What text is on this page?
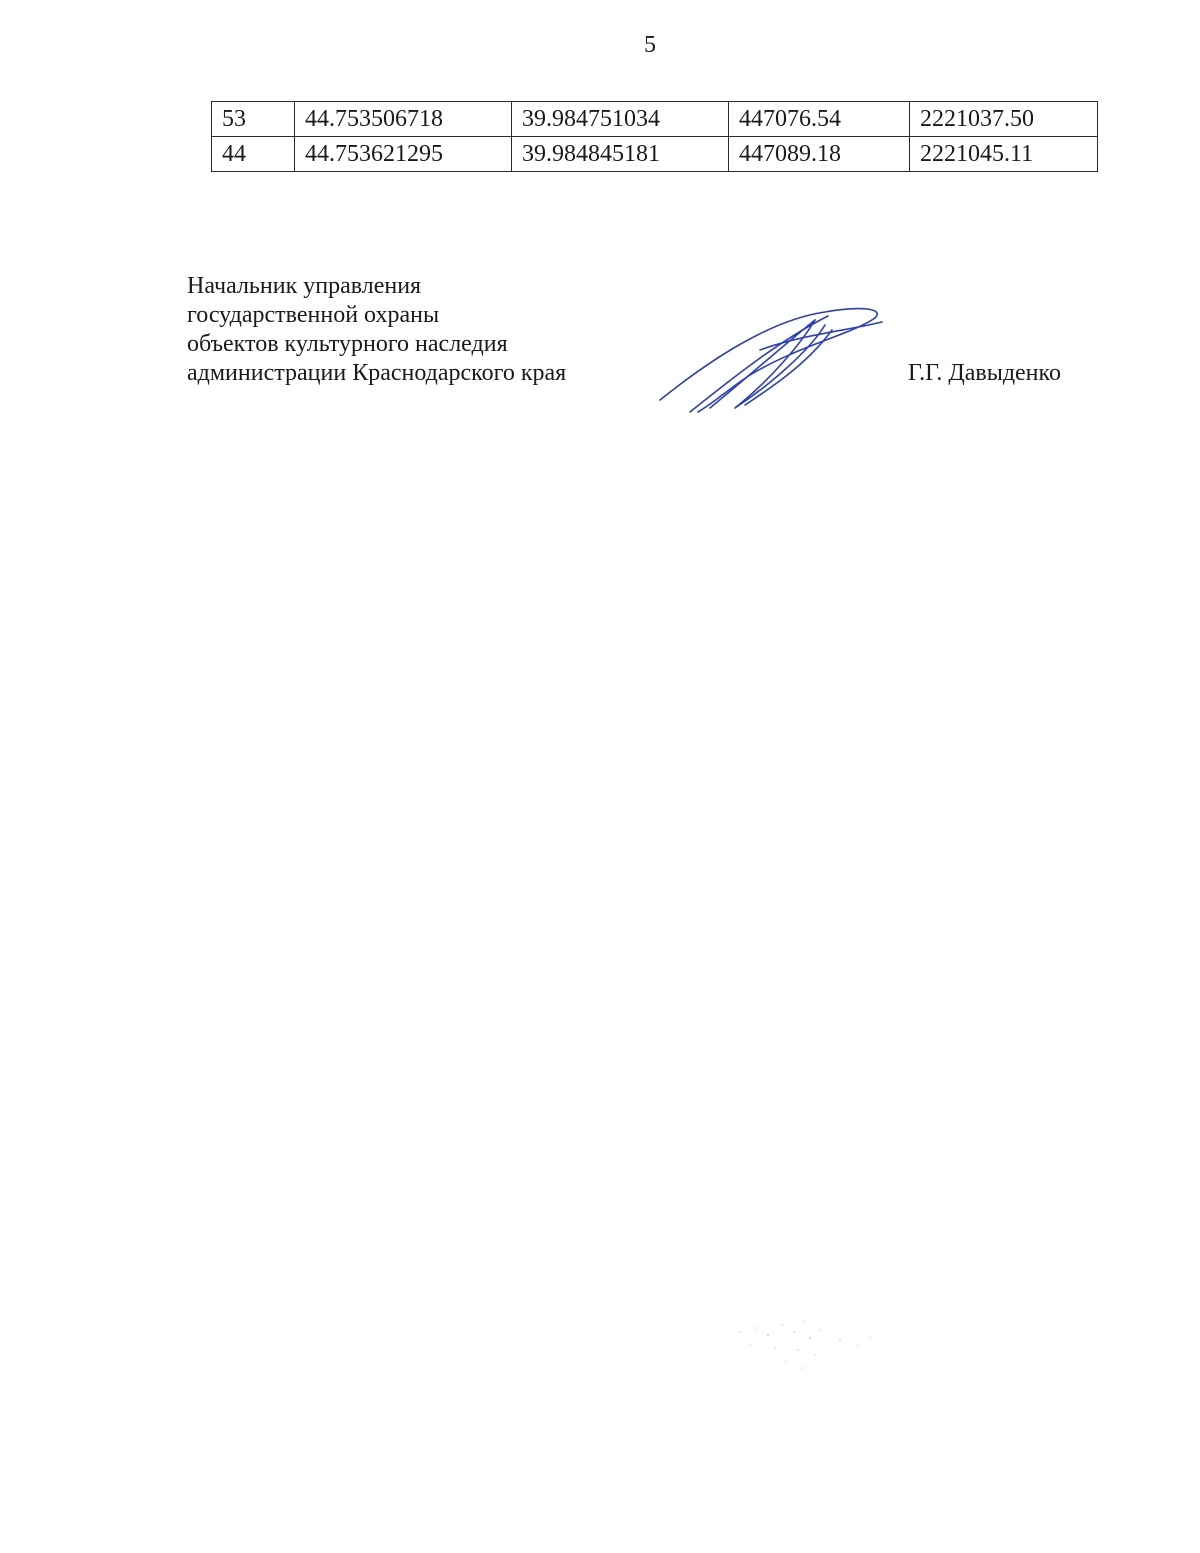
5
53	44.753506718	39.984751034	447076.54	2221037.50
44	44.753621295	39.984845181	447089.18	2221045.11
Начальник управления
государственной охраны
объектов культурного наследия
администрации Краснодарского края	Г.Г. Давыденко
